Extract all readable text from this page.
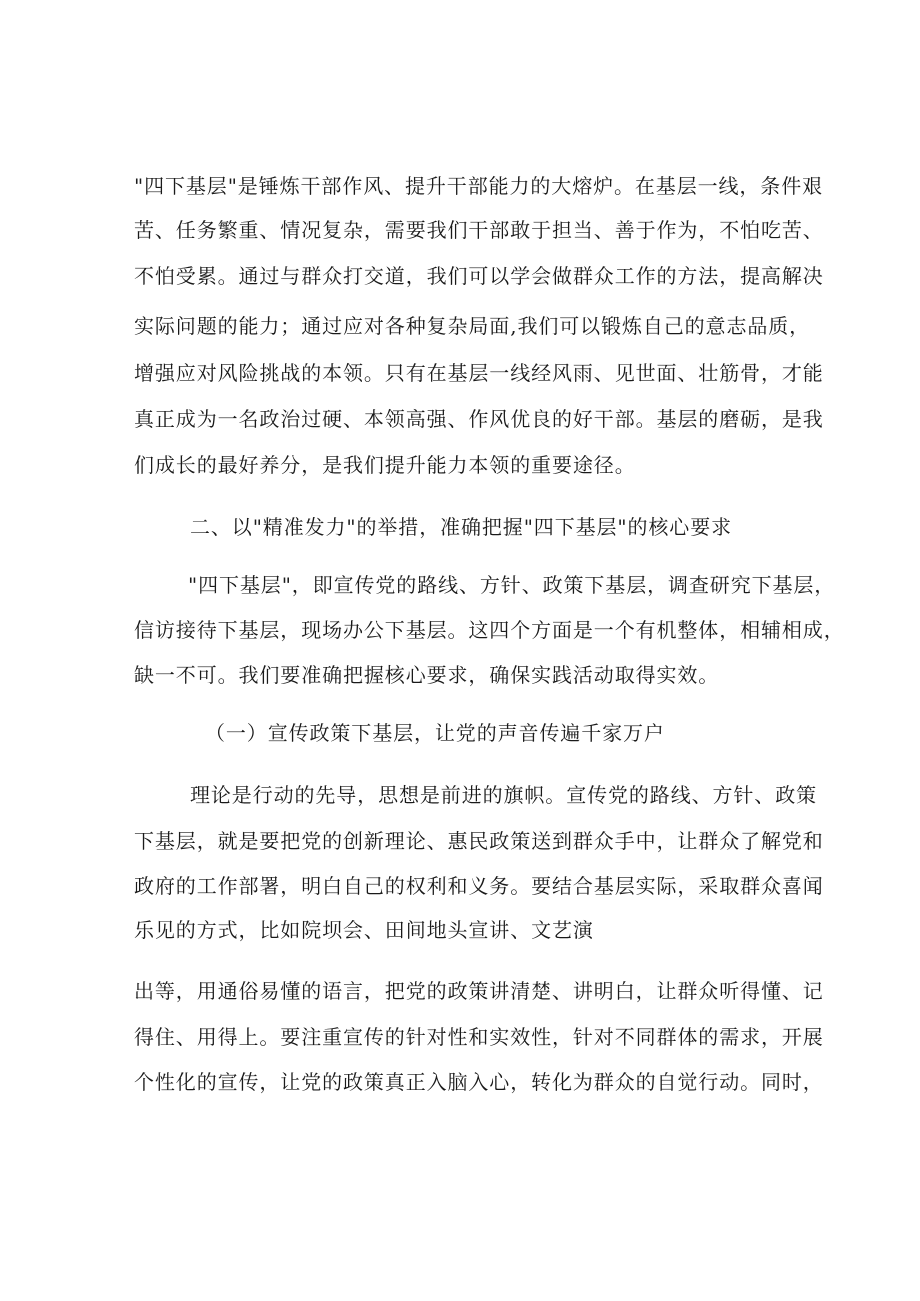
"四下基层"是锤炼干部作风、提升干部能力的大熔炉。在基层一线，条件艰
苦、任务繁重、情况复杂，需要我们干部敢于担当、善于作为，不怕吃苦、
不怕受累。通过与群众打交道，我们可以学会做群众工作的方法，提高解决
实际问题的能力；通过应对各种复杂局面,我们可以锻炼自己的意志品质，
增强应对风险挑战的本领。只有在基层一线经风雨、见世面、壮筋骨，才能
真正成为一名政治过硬、本领高强、作风优良的好干部。基层的磨砺，是我
们成长的最好养分，是我们提升能力本领的重要途径。
二、以"精准发力"的举措，准确把握"四下基层"的核心要求
"四下基层"，即宣传党的路线、方针、政策下基层，调查研究下基层，
信访接待下基层，现场办公下基层。这四个方面是一个有机整体，相辅相成，
缺一不可。我们要准确把握核心要求，确保实践活动取得实效。
（一）宣传政策下基层，让党的声音传遍千家万户
理论是行动的先导，思想是前进的旗帜。宣传党的路线、方针、政策
下基层，就是要把党的创新理论、惠民政策送到群众手中，让群众了解党和
政府的工作部署，明白自己的权利和义务。要结合基层实际，采取群众喜闻
乐见的方式，比如院坝会、田间地头宣讲、文艺演
出等，用通俗易懂的语言，把党的政策讲清楚、讲明白，让群众听得懂、记
得住、用得上。要注重宣传的针对性和实效性，针对不同群体的需求，开展
个性化的宣传，让党的政策真正入脑入心，转化为群众的自觉行动。同时，
